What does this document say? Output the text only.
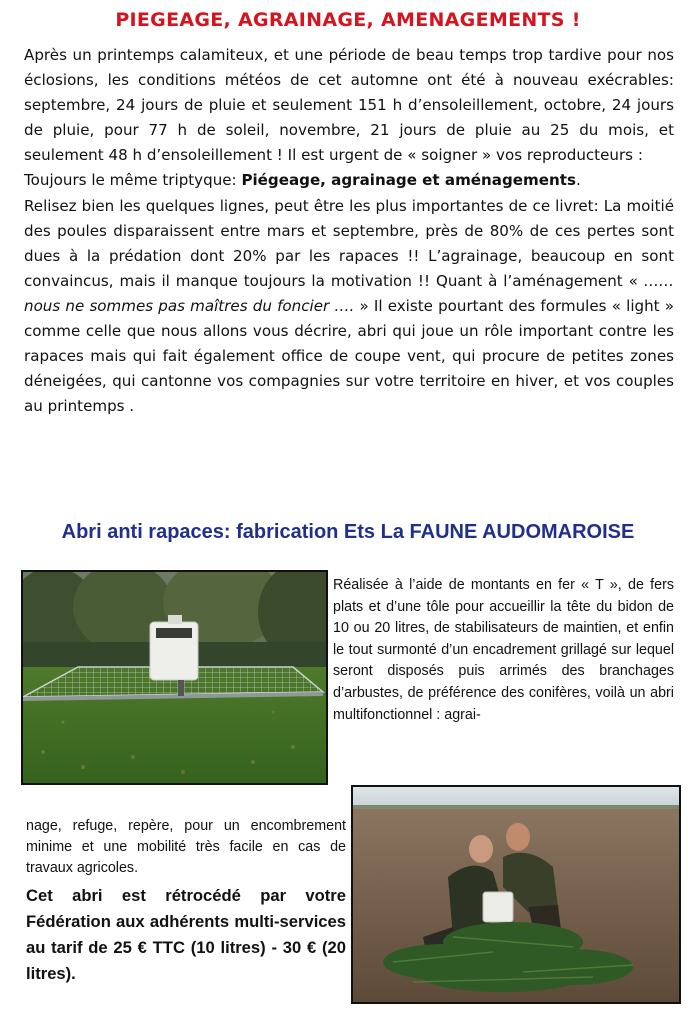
PIEGEAGE, AGRAINAGE, AMENAGEMENTS !

Après un printemps calamiteux, et une période de beau temps trop tardive pour nos éclosions, les conditions météos de cet automne ont été à nouveau exécrables: septembre, 24 jours de pluie et seulement 151 h d’ensoleillement, octobre, 24 jours de pluie, pour 77 h de soleil, novembre, 21 jours de pluie au 25 du mois, et seulement 48 h d’ensoleillement ! Il est urgent de « soigner » vos reproducteurs :

Toujours le même triptyque: Piégeage, agrainage et aménagements.

Relisez bien les quelques lignes, peut être les plus importantes de ce livret: La moitié des poules disparaissent entre mars et septembre, près de 80% de ces pertes sont dues à la prédation dont 20% par les rapaces !! L’agrainage, beaucoup en sont convaincus, mais il manque toujours la motivation !! Quant à l’aménagement « …… nous ne sommes pas maîtres du foncier …. » Il existe pourtant des formules « light » comme celle que nous allons vous décrire, abri qui joue un rôle important contre les rapaces mais qui fait également office de coupe vent, qui procure de petites zones déneigées, qui cantonne vos compagnies sur votre territoire en hiver, et vos couples au printemps .

Abri anti rapaces: fabrication Ets La FAUNE AUDOMAROISE

Réalisée à l’aide de montants en fer « T », de fers plats et d’une tôle pour accueillir la tête du bidon de 10 ou 20 litres, de stabilisateurs de maintien, et enfin le tout surmonté d’un encadrement grillagé sur lequel seront disposés puis arrimés des branchages d’arbustes, de préférence des conifères, voilà un abri multifonctionnel : agrai-

nage, refuge, repère, pour un encombrement minime et une mobilité très facile en cas de travaux agricoles.

Cet abri est rétrocédé par votre Fédération aux adhérents multi-services au tarif de 25 € TTC (10 litres) - 30 € (20 litres).
